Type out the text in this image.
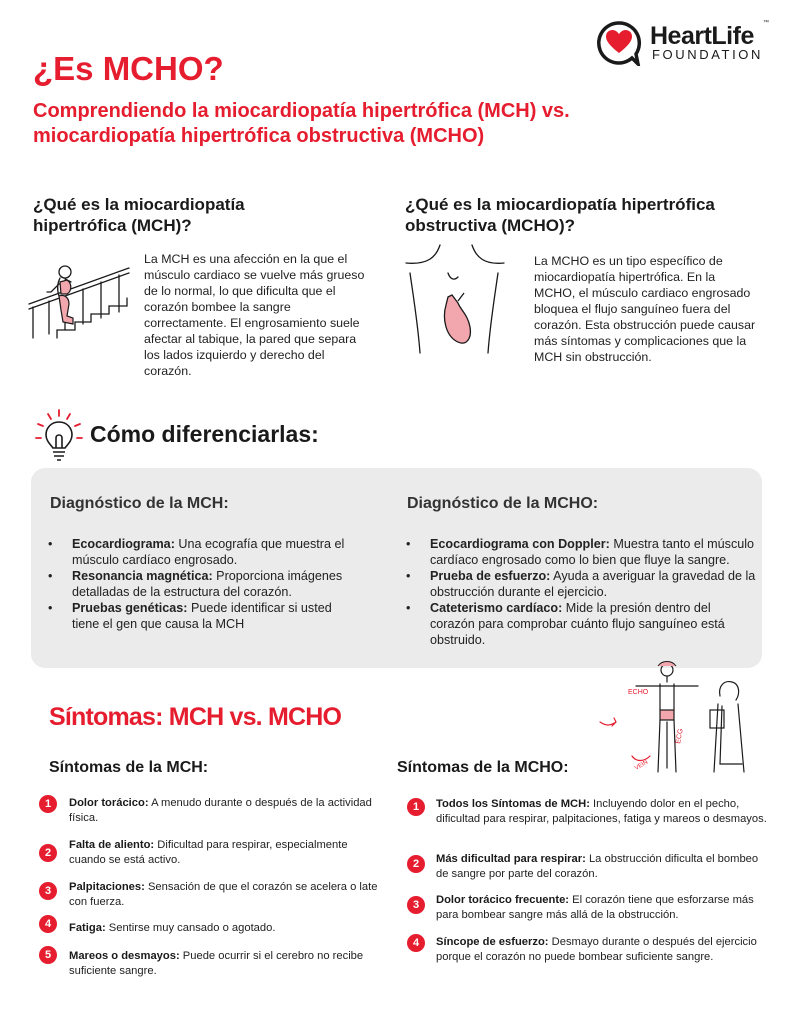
HeartLife ™
FOUNDATION
¿Es MCHO?
Comprendiendo la miocardiopatía hipertrófica (MCH) vs. miocardiopatía hipertrófica obstructiva (MCHO)
¿Qué es la miocardiopatía hipertrófica (MCH)?

La MCH es una afección en la que el músculo cardiaco se vuelve más grueso de lo normal, lo que dificulta que el corazón bombee la sangre correctamente. El engrosamiento suele afectar al tabique, la pared que separa los lados izquierdo y derecho del corazón.

¿Qué es la miocardiopatía hipertrófica obstructiva (MCHO)?

La MCHO es un tipo específico de miocardiopatía hipertrófica. En la MCHO, el músculo cardiaco engrosado bloquea el flujo sanguíneo fuera del corazón. Esta obstrucción puede causar más síntomas y complicaciones que la MCH sin obstrucción.

Cómo diferenciarlas:
Diagnóstico de la MCH:	Diagnóstico de la MCHO:
• Ecocardiograma: Una ecografía que muestra el músculo cardíaco engrosado.
• Resonancia magnética: Proporciona imágenes detalladas de la estructura del corazón.
• Pruebas genéticas: Puede identificar si usted tiene el gen que causa la MCH
• Ecocardiograma con Doppler: Muestra tanto el músculo cardíaco engrosado como lo bien que fluye la sangre.
• Prueba de esfuerzo: Ayuda a averiguar la gravedad de la obstrucción durante el ejercicio.
• Cateterismo cardíaco: Mide la presión dentro del corazón para comprobar cuánto flujo sanguíneo está obstruido.
Síntomas: MCH vs. MCHO
ECHO
ECG
VEIN
Síntomas de la MCH:	Síntomas de la MCHO:
1	Dolor torácico: A menudo durante o después de la actividad física.
2
Falta de aliento: Dificultad para respirar, especialmente cuando se está activo.
3	Palpitaciones: Sensación de que el corazón se acelera o late con fuerza.
4	Fatiga: Sentirse muy cansado o agotado.
5	Mareos o desmayos: Puede ocurrir si el cerebro no recibe suficiente sangre.
1	Todos los Síntomas de MCH: Incluyendo dolor en el pecho, dificultad para respirar, palpitaciones, fatiga y mareos o desmayos.
2	Más dificultad para respirar: La obstrucción dificulta el bombeo de sangre por parte del corazón.
3	Dolor torácico frecuente: El corazón tiene que esforzarse más para bombear sangre más allá de la obstrucción.
4	Síncope de esfuerzo: Desmayo durante o después del ejercicio porque el corazón no puede bombear suficiente sangre.
